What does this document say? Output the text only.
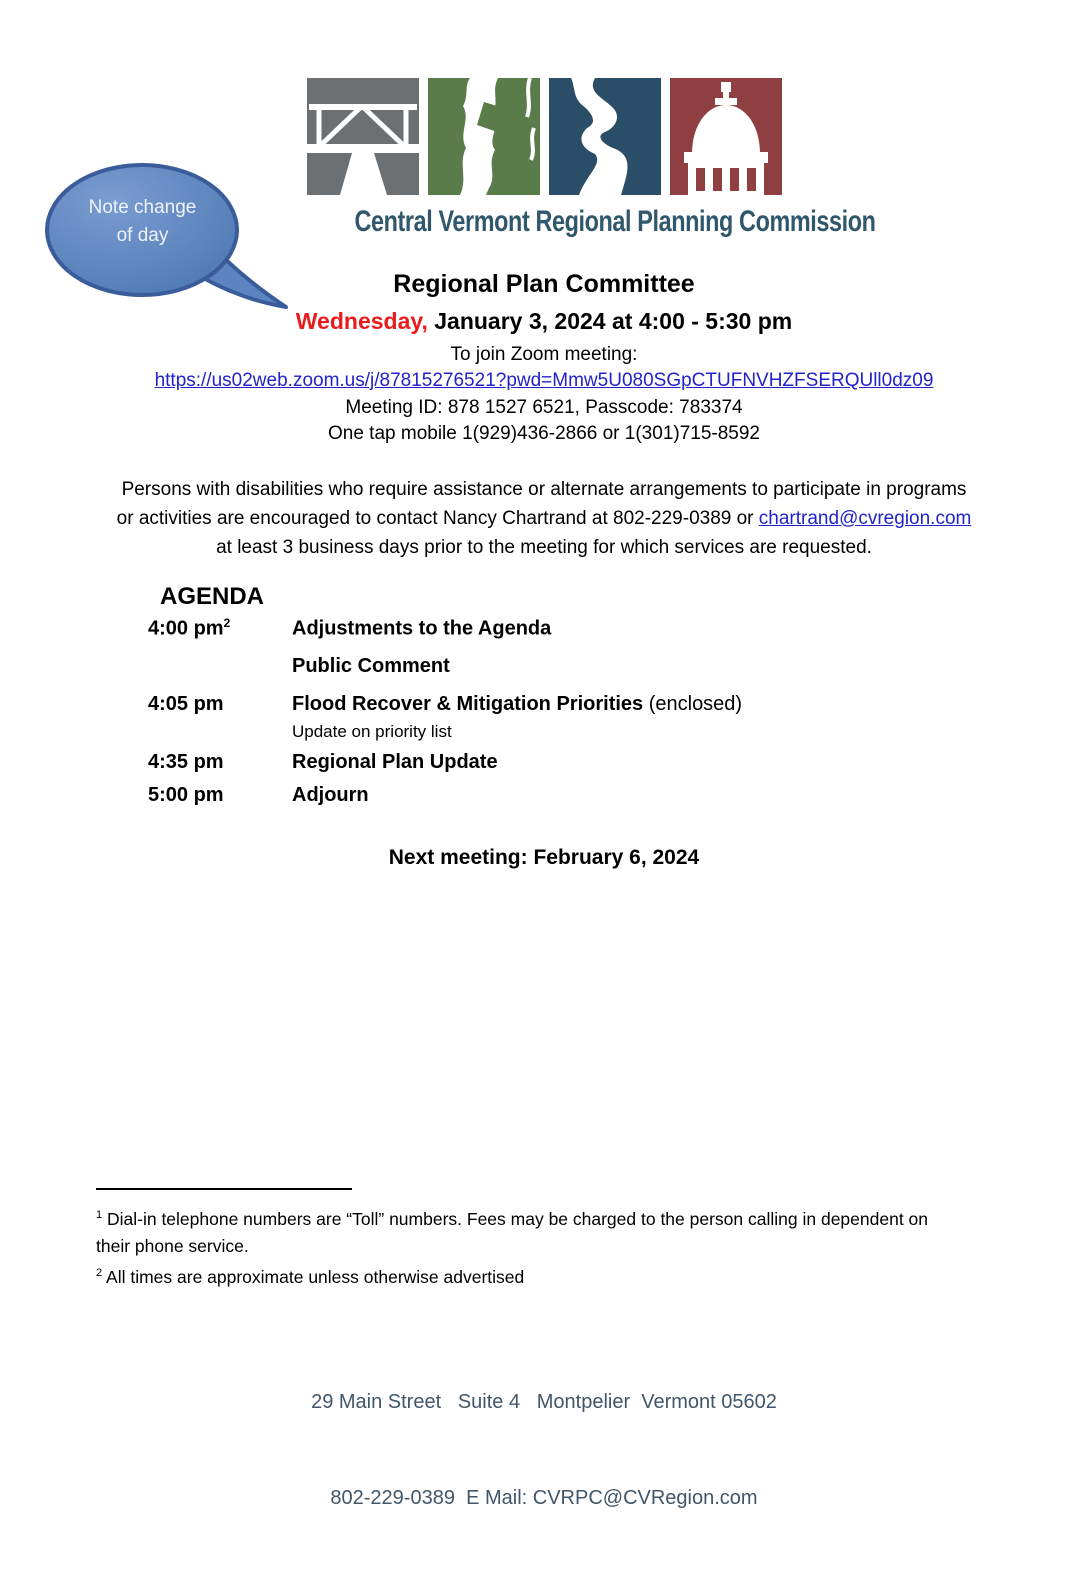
Central Vermont Regional Planning Commission
Note change
of day
Regional Plan Committee
Wednesday, January 3, 2024 at 4:00 - 5:30 pm
To join Zoom meeting:
https://us02web.zoom.us/j/87815276521?pwd=Mmw5U080SGpCTUFNVHZFSERQUll0dz09
Meeting ID: 878 1527 6521, Passcode: 783374
One tap mobile 1(929)436-2866 or 1(301)715-8592
Persons with disabilities who require assistance or alternate arrangements to participate in programs
or activities are encouraged to contact Nancy Chartrand at 802-229-0389 or chartrand@cvregion.com
at least 3 business days prior to the meeting for which services are requested.
AGENDA
4:00 $pm^2$	Adjustments to the Agenda
Public Comment
4:05 pm	Flood Recover & Mitigation Priorities (enclosed)
Update on priority list
4:35 pm	Regional Plan Update
5:00 pm	Adjourn
Next meeting: February 6, 2024
$^1$ Dial-in telephone numbers are “Toll” numbers. Fees may be charged to the person calling in dependent on their phone service.
$^2$ All times are approximate unless otherwise advertised

29 Main Street   Suite 4   Montpelier  Vermont 05602

802-229-0389  E Mail: CVRPC@CVRegion.com
